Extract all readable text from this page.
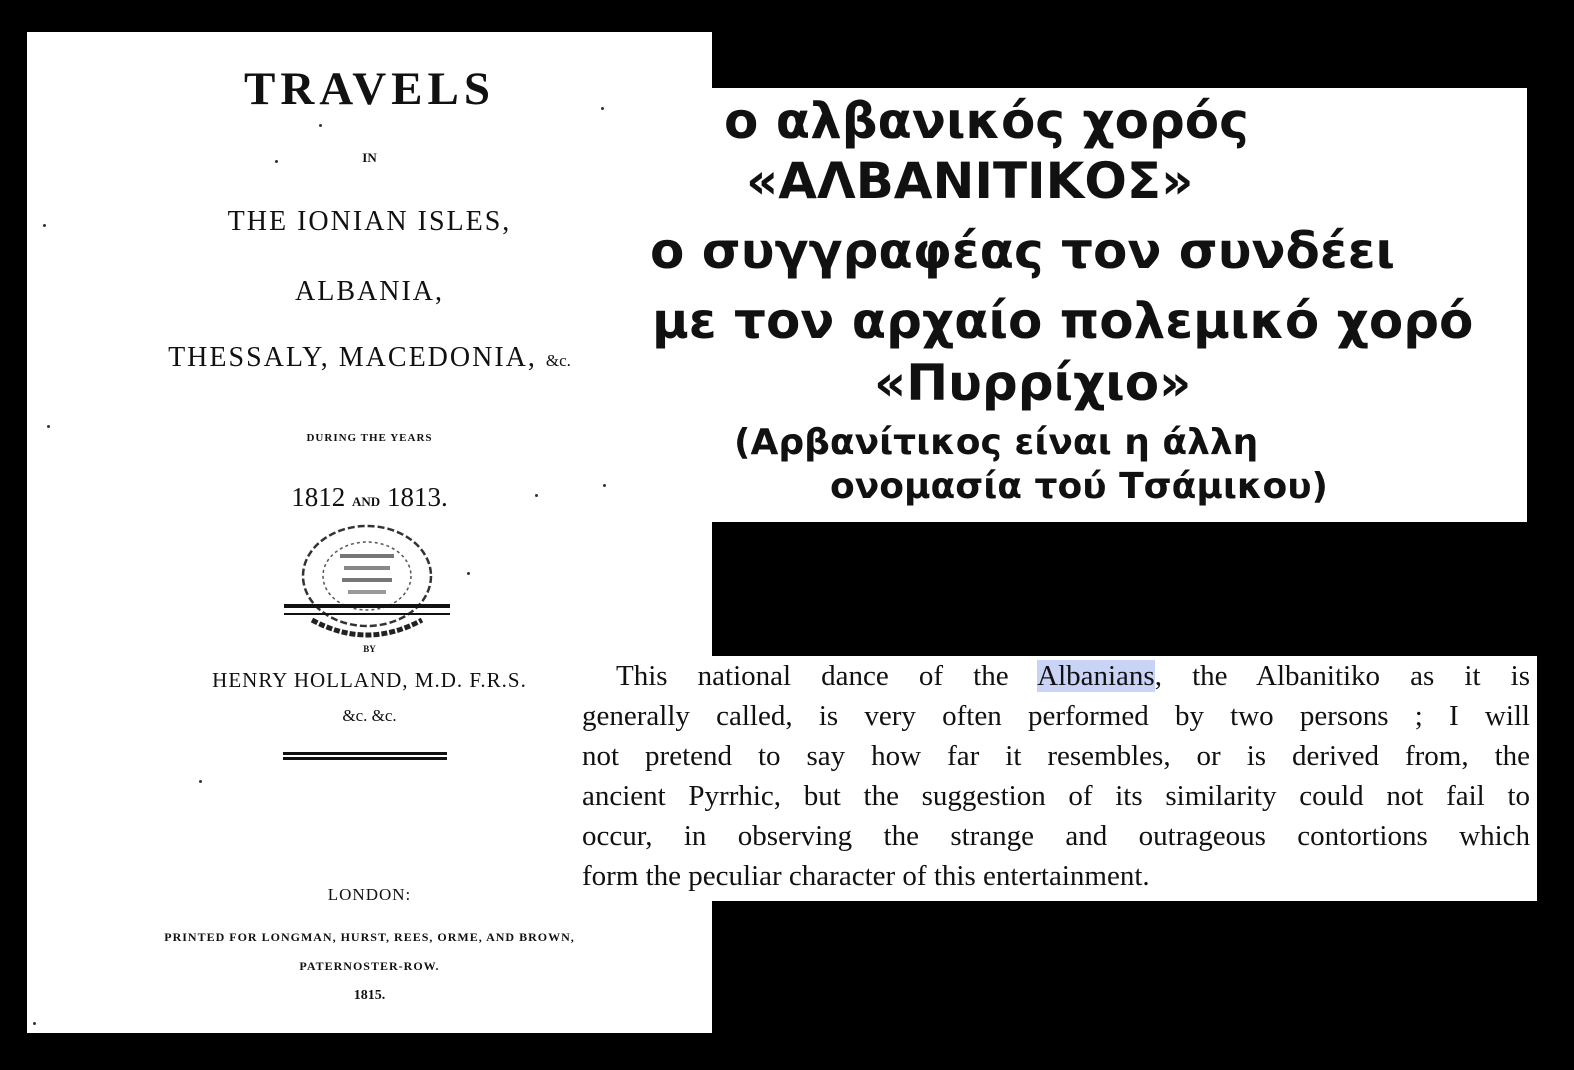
TRAVELS
IN
THE IONIAN ISLES,
ALBANIA,
THESSALY, MACEDONIA, &c.
DURING THE YEARS
1812 AND 1813.
BY
HENRY HOLLAND, M.D. F.R.S.
&c. &c.
LONDON:
PRINTED FOR LONGMAN, HURST, REES, ORME, AND BROWN,
PATERNOSTER-ROW.
1815.
ο αλβανικός χορός
«ΑΛΒΑΝΙΤΙΚΟΣ»
ο συγγραφέας τον συνδέει
με τον αρχαίο πολεμικό χορό
«Πυρρίχιο»
(Αρβανίτικος είναι η άλλη
ονομασία τού Τσάμικου)
This national dance of the Albanians, the Albanitiko as it is
generally called, is very often performed by two persons ; I will
not pretend to say how far it resembles, or is derived from, the
ancient Pyrrhic, but the suggestion of its similarity could not fail to
occur, in observing the strange and outrageous contortions which
form the peculiar character of this entertainment.
